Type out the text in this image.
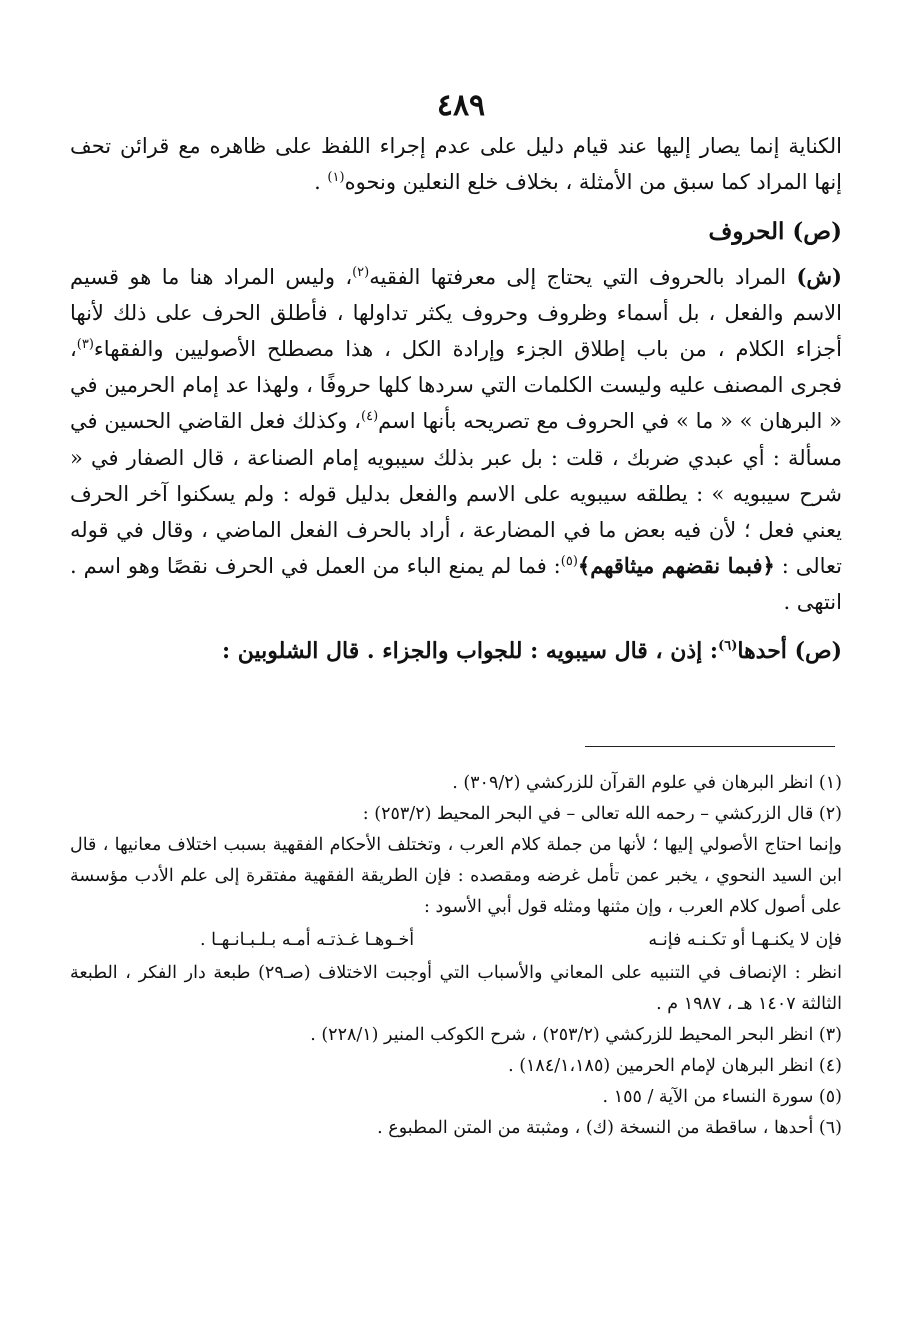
٤٨٩

الكناية إنما يصار إليها عند قيام دليل على عدم إجراء اللفظ على ظاهره مع قرائن تحف إنها المراد كما سبق من الأمثلة ، بخلاف خلع النعلين ونحوه$^{(١)}$ .

(ص) الحروف

(ش) المراد بالحروف التي يحتاج إلى معرفتها الفقيه$^{(٢)}$، وليس المراد هنا ما هو قسيم الاسم والفعل ، بل أسماء وظروف وحروف يكثر تداولها ، فأطلق الحرف على ذلك لأنها أجزاء الكلام ، من باب إطلاق الجزء وإرادة الكل ، هذا مصطلح الأصوليين والفقهاء$^{(٣)}$، فجرى المصنف عليه وليست الكلمات التي سردها كلها حروفًا ، ولهذا عد إمام الحرمين في « البرهان » « ما » في الحروف مع تصريحه بأنها اسم$^{(٤)}$، وكذلك فعل القاضي الحسين في مسألة : أي عبدي ضربك ، قلت : بل عبر بذلك سيبويه إمام الصناعة ، قال الصفار في « شرح سيبويه » : يطلقه سيبويه على الاسم والفعل بدليل قوله : ولم يسكنوا آخر الحرف يعني فعل ؛ لأن فيه بعض ما في المضارعة ، أراد بالحرف الفعل الماضي ، وقال في قوله تعالى : ﴿فبما نقضهم ميثاقهم﴾$^{(٥)}$: فما لم يمنع الباء من العمل في الحرف نقصًا وهو اسم . انتهى .

(ص) أحدها$^{(٦)}$: إذن ، قال سيبويه : للجواب والجزاء . قال الشلوبين :

(١) انظر البرهان في علوم القرآن للزركشي (٣٠٩/٢) .

(٢) قال الزركشي – رحمه الله تعالى – في البحر المحيط (٢٥٣/٢) :

وإنما احتاج الأصولي إليها ؛ لأنها من جملة كلام العرب ، وتختلف الأحكام الفقهية بسبب اختلاف معانيها ، قال ابن السيد النحوي ، يخبر عمن تأمل غرضه ومقصده : فإن الطريقة الفقهية مفتقرة إلى علم الأدب مؤسسة على أصول كلام العرب ، وإن مثنها ومثله قول أبي الأسود :

فإن لا يكنـهـا أو تكـنـه فإنـه
أخـوهـا غـذتـه أمـه بـلـبـانـهـا .

انظر : الإنصاف في التنبيه على المعاني والأسباب التي أوجبت الاختلاف (صـ٢٩) طبعة دار الفكر ، الطبعة الثالثة ١٤٠٧ هـ ، ١٩٨٧ م .

(٣) انظر البحر المحيط للزركشي (٢٥٣/٢) ، شرح الكوكب المنير (٢٢٨/١) .

(٤) انظر البرهان لإمام الحرمين (١٨٤/١،١٨٥) .

(٥) سورة النساء من الآية / ١٥٥ .

(٦) أحدها ، ساقطة من النسخة (ك) ، ومثبتة من المتن المطبوع .
